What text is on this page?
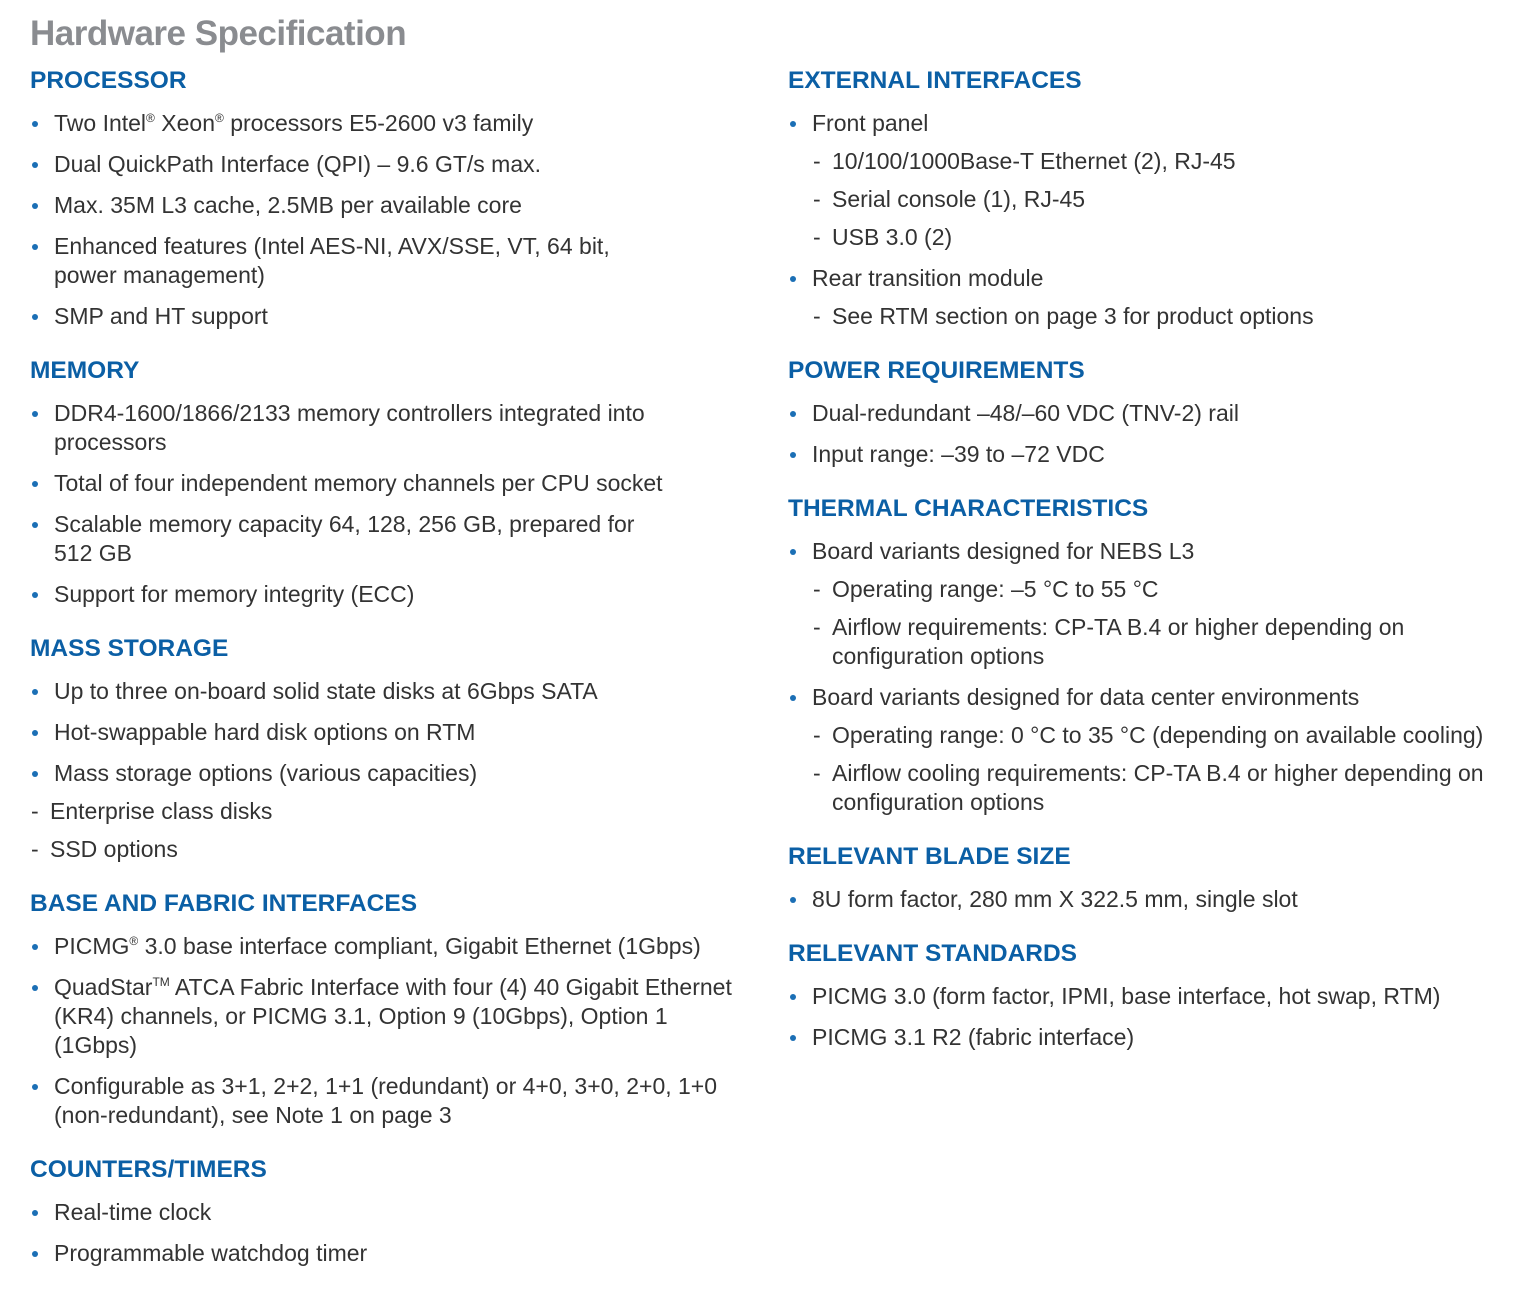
Hardware Specification
PROCESSOR
Two Intel® Xeon® processors E5-2600 v3 family
Dual QuickPath Interface (QPI) – 9.6 GT/s max.
Max. 35M L3 cache, 2.5MB per available core
Enhanced features (Intel AES-NI, AVX/SSE, VT, 64 bit, power management)
SMP and HT support
MEMORY
DDR4-1600/1866/2133 memory controllers integrated into processors
Total of four independent memory channels per CPU socket
Scalable memory capacity 64, 128, 256 GB, prepared for 512 GB
Support for memory integrity (ECC)
MASS STORAGE
Up to three on-board solid state disks at 6Gbps SATA
Hot-swappable hard disk options on RTM
Mass storage options (various capacities)
- Enterprise class disks
- SSD options
BASE AND FABRIC INTERFACES
PICMG® 3.0 base interface compliant, Gigabit Ethernet (1Gbps)
QuadStar™ ATCA Fabric Interface with four (4) 40 Gigabit Ethernet (KR4) channels, or PICMG 3.1, Option 9 (10Gbps), Option 1 (1Gbps)
Configurable as 3+1, 2+2, 1+1 (redundant) or 4+0, 3+0, 2+0, 1+0 (non-redundant), see Note 1 on page 3
COUNTERS/TIMERS
Real-time clock
Programmable watchdog timer
EXTERNAL INTERFACES
Front panel
- 10/100/1000Base-T Ethernet (2), RJ-45
- Serial console (1), RJ-45
- USB 3.0 (2)
Rear transition module
- See RTM section on page 3 for product options
POWER REQUIREMENTS
Dual-redundant –48/–60 VDC (TNV-2) rail
Input range: –39 to –72 VDC
THERMAL CHARACTERISTICS
Board variants designed for NEBS L3
- Operating range: –5 °C to 55 °C
- Airflow requirements: CP-TA B.4 or higher depending on configuration options
Board variants designed for data center environments
- Operating range: 0 °C to 35 °C (depending on available cooling)
- Airflow cooling requirements: CP-TA B.4 or higher depending on configuration options
RELEVANT BLADE SIZE
8U form factor, 280 mm X 322.5 mm, single slot
RELEVANT STANDARDS
PICMG 3.0 (form factor, IPMI, base interface, hot swap, RTM)
PICMG 3.1 R2 (fabric interface)
